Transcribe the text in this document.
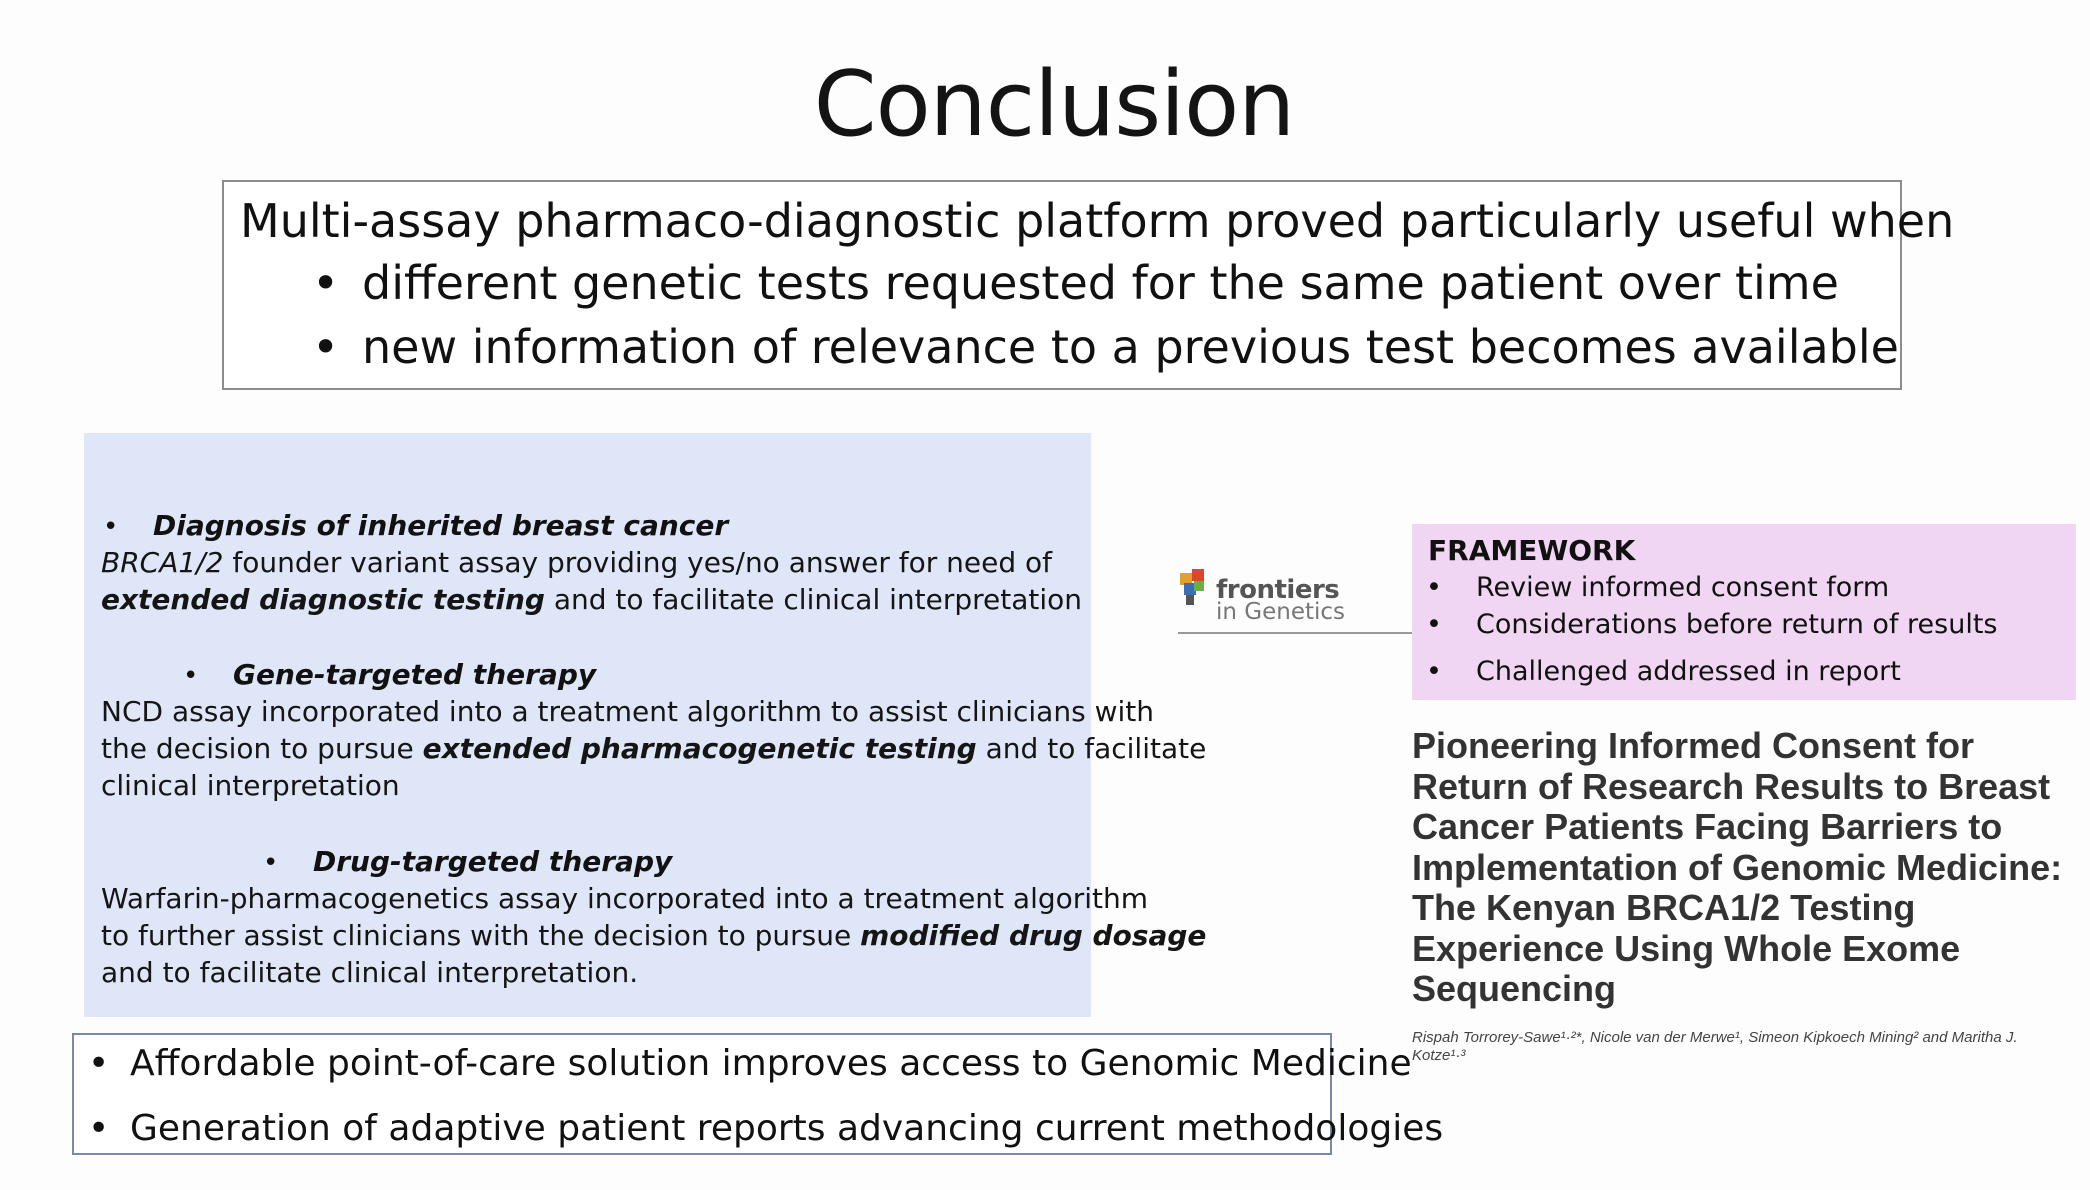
Conclusion
Multi-assay pharmaco-diagnostic platform proved particularly useful when
• different genetic tests requested for the same patient over time
• new information of relevance to a previous test becomes available
• Diagnosis of inherited breast cancer
BRCA1/2 founder variant assay providing yes/no answer for need of
extended diagnostic testing and to facilitate clinical interpretation
• Gene-targeted therapy
NCD assay incorporated into a treatment algorithm to assist clinicians with
the decision to pursue extended pharmacogenetic testing and to facilitate
clinical interpretation
• Drug-targeted therapy
Warfarin-pharmacogenetics assay incorporated into a treatment algorithm
to further assist clinicians with the decision to pursue modified drug dosage
and to facilitate clinical interpretation.
• Affordable point-of-care solution improves access to Genomic Medicine
• Generation of adaptive patient reports advancing current methodologies
frontiers
in Genetics
FRAMEWORK
• Review informed consent form
• Considerations before return of results
• Challenged addressed in report
Pioneering Informed Consent for Return of Research Results to Breast Cancer Patients Facing Barriers to Implementation of Genomic Medicine: The Kenyan BRCA1/2 Testing Experience Using Whole Exome Sequencing
Rispah Torrorey-Sawe¹·²*, Nicole van der Merwe¹, Simeon Kipkoech Mining² and Maritha J. Kotze¹·³
